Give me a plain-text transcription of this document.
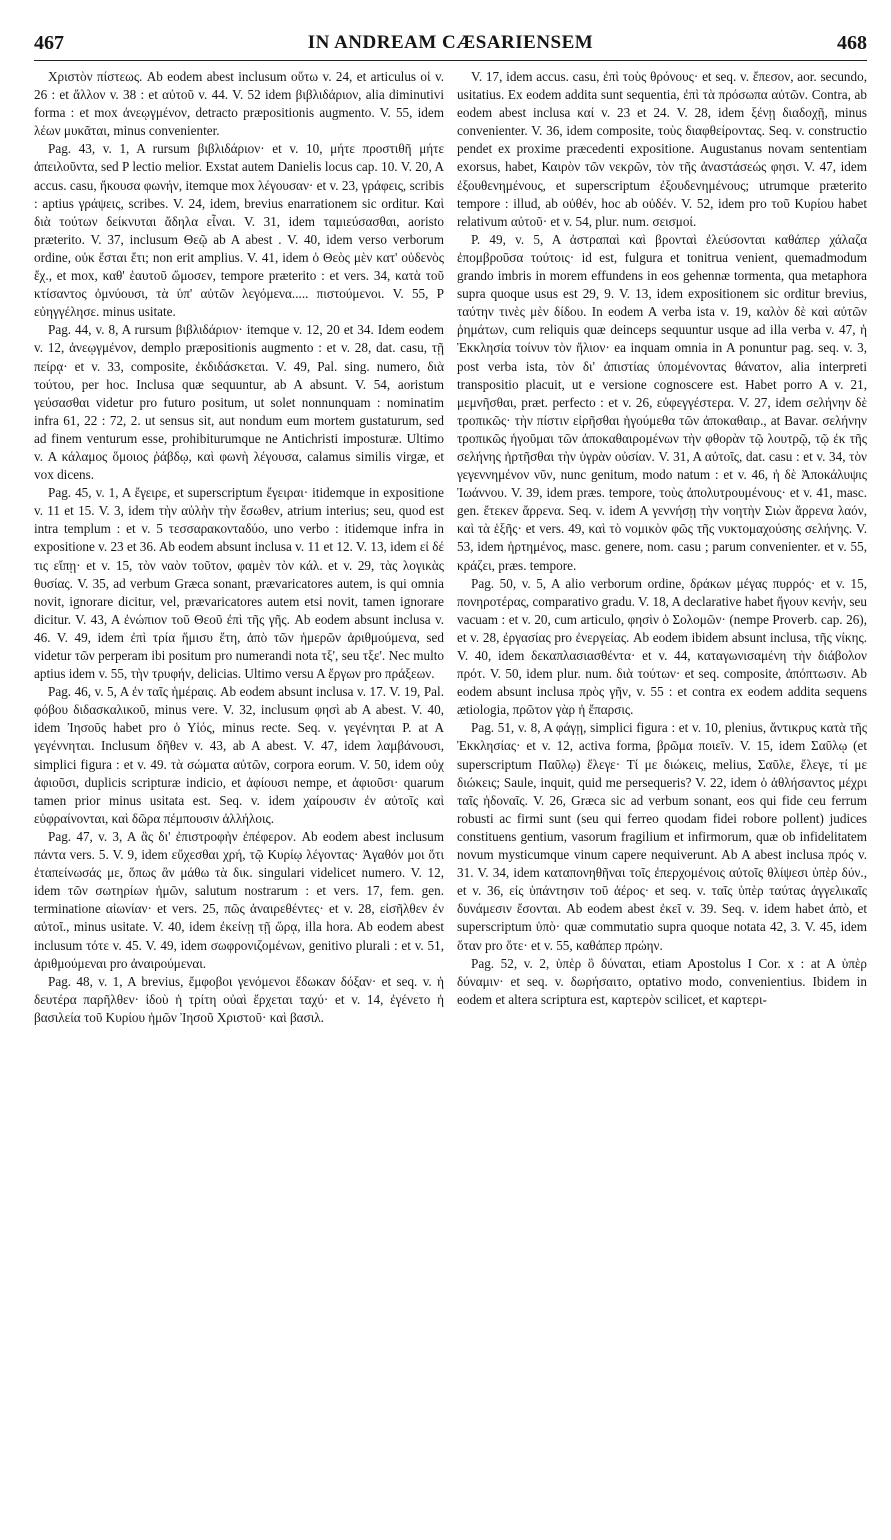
467	IN ANDREAM CÆSARIENSEM	468

Χριστὸν πίστεως. Ab eodem abest inclusum οὕτω v. 24, et articulus οἱ v. 26 : et ἄλλον v. 38 : et αὐτοῦ v. 44. V. 52 idem βιβλιδάριον, alia diminutivi forma : et mox ἀνεῳγμένον, detracto præpositionis augmento. V. 55, idem λέων μυκᾶται, minus convenienter.

Pag. 43, v. 1, A rursum βιβλιδάριον· et v. 10, μήτε προστιθῆ μήτε ἀπειλοῦντα, sed P lectio melior. Exstat autem Danielis locus cap. 10. V. 20, A accus. casu, ἤκουσα φωνήν, itemque mox λέγουσαν· et v. 23, γράφεις, scribis : aptius γράψεις, scribes. V. 24, idem, brevius enarrationem sic orditur. Καὶ διὰ τούτων δείκνυται ἄδηλα εἶναι. V. 31, idem ταμιεύσασθαι, aoristo præterito. V. 37, inclusum Θεῷ ab A abest . V. 40, idem verso verborum ordine, οὐκ ἔσται ἔτι; non erit amplius. V. 41, idem ὁ Θεὸς μὲν κατ' οὐδενὸς ἔχ., et mox, καθ' ἑαυτοῦ ὤμοσεν, tempore præterito : et vers. 34, κατὰ τοῦ κτίσαντος ὀμνύουσι, τὰ ὑπ' αὐτῶν λεγόμενα..... πιστούμενοι. V. 55, P εὐηγγέλησε. minus usitate.

Pag. 44, v. 8, A rursum βιβλιδάριον· itemque v. 12, 20 et 34. Idem eodem v. 12, ἀνεῳγμένον, demplo præpositionis augmento : et v. 28, dat. casu, τῇ πείρᾳ· et v. 33, composite, ἐκδιδάσκεται. V. 49, Pal. sing. numero, διὰ τούτου, per hoc. Inclusa quæ sequuntur, ab A absunt. V. 54, aoristum γεύσασθαι videtur pro futuro positum, ut solet nonnunquam : nominatim infra 61, 22 : 72, 2. ut sensus sit, aut nondum eum mortem gustaturum, sed ad finem venturum esse, prohibiturumque ne Antichristi imposturæ. Ultimo v. A κάλαμος ὅμοιος ῥάβδῳ, καὶ φωνὴ λέγουσα, calamus similis virgæ, et vox dicens.

Pag. 45, v. 1, A ἔγειρε, et superscriptum ἔγειραι· itidemque in expositione v. 11 et 15. V. 3, idem τὴν αὐλὴν τὴν ἔσωθεν, atrium interius; seu, quod est intra templum : et v. 5 τεσσαρακονταδύο, uno verbo : itidemque infra in expositione v. 23 et 36. Ab eodem absunt inclusa v. 11 et 12. V. 13, idem εἰ δέ τις εἴπῃ· et v. 15, τὸν ναὸν τοῦτον, φαμὲν τὸν κάλ. et v. 29, τὰς λογικὰς θυσίας. V. 35, ad verbum Græca sonant, prævaricatores autem, is qui omnia novit, ignorare dicitur, vel, prævaricatores autem etsi novit, tamen ignorare dicitur. V. 43, A ἐνώπιον τοῦ Θεοῦ ἐπὶ τῆς γῆς. Ab eodem absunt inclusa v. 46. V. 49, idem ἐπὶ τρία ἥμισυ ἔτη, ἀπὸ τῶν ἡμερῶν ἀριθμούμενα, sed videtur τῶν perperam ibi positum pro numerandi nota τξ', seu τξε'. Nec multo aptius idem v. 55, τὴν τρυφήν, delicias. Ultimo versu A ἔργων pro πράξεων.

Pag. 46, v. 5, A ἐν ταῖς ἡμέραις. Ab eodem absunt inclusa v. 17. V. 19, Pal. φόβου διδασκαλικοῦ, minus vere. V. 32, inclusum φησὶ ab A abest. V. 40, idem Ἰησοῦς habet pro ὁ Υἱός, minus recte. Seq. v. γεγένηται P. at A γεγέννηται. Inclusum δῆθεν v. 43, ab A abest. V. 47, idem λαμβάνουσι, simplici figura : et v. 49. τὰ σώματα αὐτῶν, corpora eorum. V. 50, idem οὐχ ἀφιοῦσι, duplicis scripturæ indicio, et ἀφίουσι nempe, et ἀφιοῦσι· quarum tamen prior minus usitata est. Seq. v. idem χαίρουσιν ἐν αὐτοῖς καὶ εὐφραίνονται, καὶ δῶρα πέμπουσιν ἀλλήλοις.

Pag. 47, v. 3, A ἃς δι' ἐπιστροφὴν ἐπέφερον. Ab eodem abest inclusum πάντα vers. 5. V. 9, idem εὔχεσθαι χρή, τῷ Κυρίῳ λέγοντας· Ἀγαθόν μοι ὅτι ἐταπείνωσάς με, ὅπως ἂν μάθω τὰ δικ. singulari videlicet numero. V. 12, idem τῶν σωτηρίων ἡμῶν, salutum nostrarum : et vers. 17, fem. gen. terminatione αἰωνίαν· et vers. 25, πῶς ἀναιρεθέντες· et v. 28, εἰσῆλθεν ἐν αὐτοῖ., minus usitate. V. 40, idem ἐκείνῃ τῇ ὥρᾳ, illa hora. Ab eodem abest inclusum τότε v. 45. V. 49, idem σωφρονιζομένων, genitivo plurali : et v. 51, ἀριθμούμεναι pro ἀναιρούμεναι.

Pag. 48, v. 1, A brevius, ἔμφοβοι γενόμενοι ἔδωκαν δόξαν· et seq. v. ἡ δευτέρα παρῆλθεν· ἰδοὺ ἡ τρίτη οὐαὶ ἔρχεται ταχύ· et v. 14, ἐγένετο ἡ βασιλεία τοῦ Κυρίου ἡμῶν Ἰησοῦ Χριστοῦ· καὶ βασιλ.

V. 17, idem accus. casu, ἐπὶ τοὺς θρόνους· et seq. v. ἔπεσον, aor. secundo, usitatius. Ex eodem addita sunt sequentia, ἐπὶ τὰ πρόσωπα αὐτῶν. Contra, ab eodem abest inclusa καί v. 23 et 24. V. 28, idem ξένῃ διαδοχῇ, minus convenienter. V. 36, idem composite, τοὺς διαφθείροντας. Seq. v. constructio pendet ex proxime præcedenti expositione. Augustanus novam sententiam exorsus, habet, Καιρὸν τῶν νεκρῶν, τὸν τῆς ἀναστάσεώς φησι. V. 47, idem ἐξουθενημένους, et superscriptum ἐξουδενημένους; utrumque præterito tempore : illud, ab οὐθέν, hoc ab οὐδέν. V. 52, idem pro τοῦ Κυρίου habet relativum αὐτοῦ· et v. 54, plur. num. σεισμοί.

P. 49, v. 5, A ἀστραπαὶ καὶ βρονταὶ ἐλεύσονται καθάπερ χάλαζα ἐπομβροῦσα τούτοις· id est, fulgura et tonitrua venient, quemadmodum grando imbris in morem effundens in eos gehennæ tormenta, qua metaphora supra quoque usus est 29, 9. V. 13, idem expositionem sic orditur brevius, ταύτην τινὲς μὲν δίδου. In eodem A verba ista v. 19, καλὸν δὲ καὶ αὐτῶν ῥημάτων, cum reliquis quæ deinceps sequuntur usque ad illa verba v. 47, ἡ Ἐκκλησία τοίνυν τὸν ἥλιον· ea inquam omnia in A ponuntur pag. seq. v. 3, post verba ista, τὸν δι' ἀπιστίας ὑπομένοντας θάνατον, alia interpreti transpositio placuit, ut e versione cognoscere est. Habet porro A v. 21, μεμνῆσθαι, præt. perfecto : et v. 26, εὐφεγγέστερα. V. 27, idem σελήνην δὲ τροπικῶς· τὴν πίστιν εἰρῆσθαι ἡγούμεθα τῶν ἀποκαθαιρ., at Bavar. σελήνην τροπικῶς ἡγοῦμαι τῶν ἀποκαθαιρομένων τὴν φθορὰν τῷ λουτρῷ, τῷ ἐκ τῆς σελήνης ἠρτῆσθαι τὴν ὑγρὰν οὐσίαν. V. 31, A αὐτοῖς, dat. casu : et v. 34, τὸν γεγεννημένον νῦν, nunc genitum, modo natum : et v. 46, ἡ δὲ Ἀποκάλυψις Ἰωάννου. V. 39, idem præs. tempore, τοὺς ἀπολυτρουμένους· et v. 41, masc. gen. ἔτεκεν ἄρρενα. Seq. v. idem A γεννήσῃ τὴν νοητὴν Σιὼν ἄρρενα λαόν, καὶ τὰ ἑξῆς· et vers. 49, καὶ τὸ νομικὸν φῶς τῆς νυκτομαχούσης σελήνης. V. 53, idem ἡρτημένος, masc. genere, nom. casu ; parum convenienter. et v. 55, κράζει, præs. tempore.

Pag. 50, v. 5, A alio verborum ordine, δράκων μέγας πυρρός· et v. 15, πονηροτέρας, comparativo gradu. V. 18, A declarative habet ἤγουν κενήν, seu vacuam : et v. 20, cum articulo, φησὶν ὁ Σολομῶν· (nempe Proverb. cap. 26), et v. 28, ἐργασίας pro ἐνεργείας. Ab eodem ibidem absunt inclusa, τῆς νίκης. V. 40, idem δεκαπλασιασθέντα· et v. 44, καταγωνισαμένη τὴν διάβολον πρότ. V. 50, idem plur. num. διὰ τούτων· et seq. composite, ἀπόπτωσιν. Ab eodem absunt inclusa πρὸς γῆν, v. 55 : et contra ex eodem addita sequens ætiologia, πρῶτον γὰρ ἠ ἔπαρσις.

Pag. 51, v. 8, A φάγῃ, simplici figura : et v. 10, plenius, ἄντικρυς κατὰ τῆς Ἐκκλησίας· et v. 12, activa forma, βρῶμα ποιεῖν. V. 15, idem Σαῦλῳ (et superscriptum Παῦλῳ) ἔλεγε· Tί με διώκεις, melius, Σαῦλε, ἔλεγε, τί με διώκεις; Saule, inquit, quid me persequeris? V. 22, idem ὁ ἀθλήσαντος μέχρι ταῖς ἡδοναῖς. V. 26, Græca sic ad verbum sonant, eos qui fide ceu ferrum robusti ac firmi sunt (seu qui ferreo quodam fidei robore pollent) judices constituens gentium, vasorum fragilium et infirmorum, quæ ob infidelitatem novum mysticumque vinum capere nequiverunt. Ab A abest inclusa πρός v. 31. V. 34, idem καταπονηθῆναι τοῖς ἐπερχομένοις αὐτοῖς θλίψεσι ὑπὲρ δύν., et v. 36, εἰς ὑπάντησιν τοῦ ἀέρος· et seq. v. ταῖς ὑπὲρ ταύτας ἀγγελικαῖς δυνάμεσιν ἔσονται. Ab eodem abest ἐκεῖ v. 39. Seq. v. idem habet ἀπὸ, et superscriptum ὑπὸ· quæ commutatio supra quoque notata 42, 3. V. 45, idem ὅταν pro ὅτε· et v. 55, καθάπερ πρώην.

Pag. 52, v. 2, ὑπὲρ ὃ δύναται, etiam Apostolus I Cor. x : at A ὑπὲρ δύναμιν· et seq. v. δωρήσαιτο, optativo modo, convenientius. Ibidem in eodem et altera scriptura est, καρτερὸν scilicet, et καρτερι-
